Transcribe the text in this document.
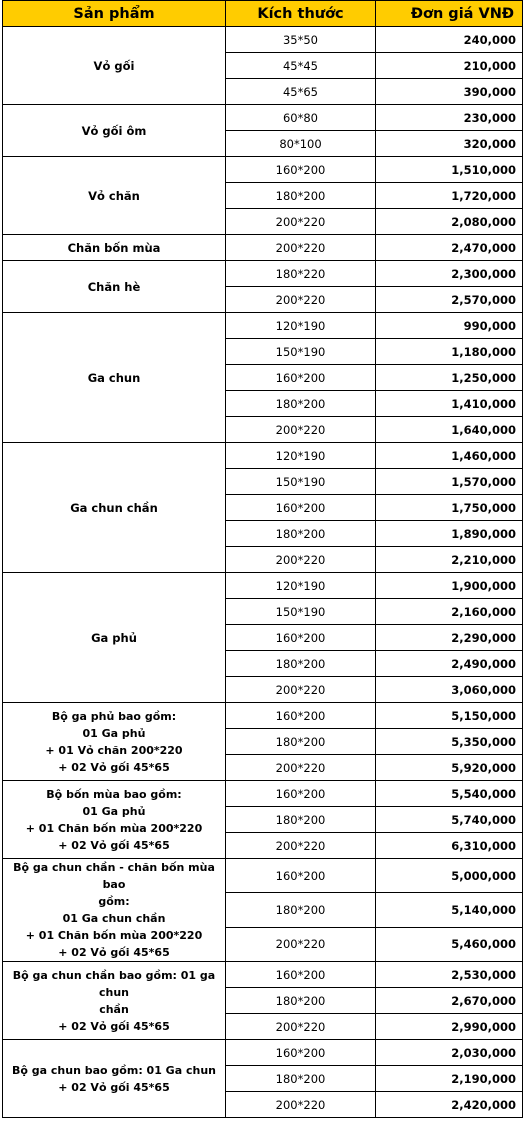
Sản phẩm	Kích thước	Đơn giá VNĐ

Vỏ gối	35*50	240,000
	45*45	210,000
	45*65	390,000

Vỏ gối ôm	60*80	230,000
	80*100	320,000

Vỏ chăn	160*200	1,510,000
	180*200	1,720,000
	200*220	2,080,000

Chăn bốn mùa	200*220	2,470,000

Chăn hè	180*220	2,300,000
	200*220	2,570,000

Ga chun	120*190	990,000
	150*190	1,180,000
	160*200	1,250,000
	180*200	1,410,000
	200*220	1,640,000

Ga chun chần	120*190	1,460,000
	150*190	1,570,000
	160*200	1,750,000
	180*200	1,890,000
	200*220	2,210,000

Ga phủ	120*190	1,900,000
	150*190	2,160,000
	160*200	2,290,000
	180*200	2,490,000
	200*220	3,060,000

Bộ ga phủ bao gồm:
01 Ga phủ
+ 01 Vỏ chăn 200*220
+ 02 Vỏ gối 45*65	160*200	5,150,000
	180*200	5,350,000
	200*220	5,920,000

Bộ bốn mùa bao gồm:
01 Ga phủ
+ 01 Chăn bốn mùa 200*220
+ 02 Vỏ gối 45*65	160*200	5,540,000
	180*200	5,740,000
	200*220	6,310,000

Bộ ga chun chần - chăn bốn mùa bao
gồm:
01 Ga chun chần
+ 01 Chăn bốn mùa 200*220
+ 02 Vỏ gối 45*65	160*200	5,000,000
	180*200	5,140,000
	200*220	5,460,000

Bộ ga chun chần bao gồm: 01 ga chun
chần
+ 02 Vỏ gối 45*65	160*200	2,530,000
	180*200	2,670,000
	200*220	2,990,000

Bộ ga chun bao gồm: 01 Ga chun
+ 02 Vỏ gối 45*65	160*200	2,030,000
	180*200	2,190,000
	200*220	2,420,000
